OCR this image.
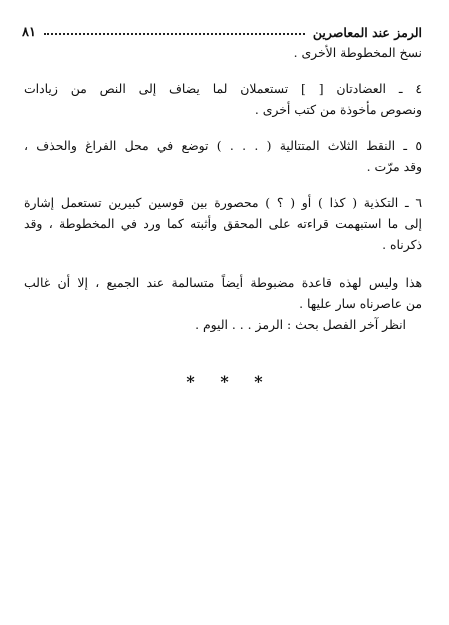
الرمز عند المعاصرين
٨١
نسخ المخطوطة الأخرى .
٤ ـ العضادتان [ ] تستعملان لما يضاف إلى النص من زيادات
ونصوص مأخوذة من كتب أخرى .
٥ ـ النقط الثلاث المتتالية ( . . . ) توضع في محل الفراغ والحذف ،
وقد مرّت .
٦ ـ التكذية ( كذا ) أو ( ؟ ) محصورة بين قوسين كبيرين تستعمل إشارة
إلى ما استبهمت قراءته على المحقق وأثبته كما ورد في المخطوطة ، وقد
ذكرناه .
هذا وليس لهذه قاعدة مضبوطة أيضاً متسالمة عند الجميع ، إلا أن غالب
من عاصرناه سار عليها .
انظر آخر الفصل بحث : الرمز . . . اليوم .
* * *
